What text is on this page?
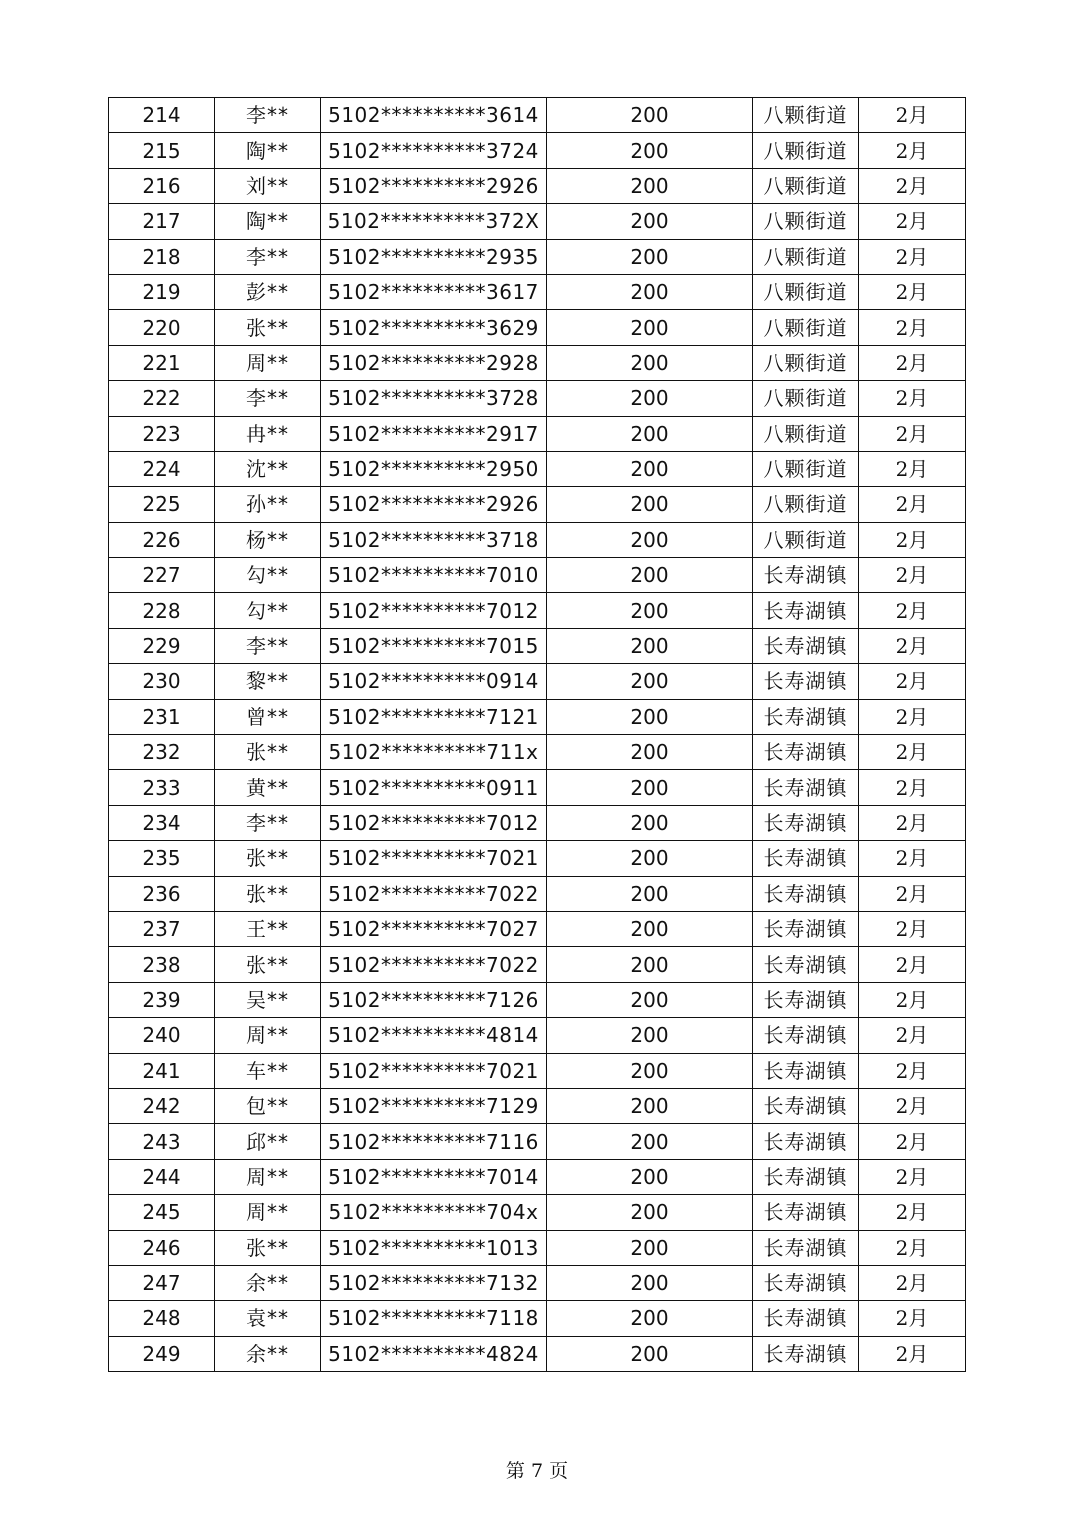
214	李**	5102**********3614	200	八颗街道	2月
215	陶**	5102**********3724	200	八颗街道	2月
216	刘**	5102**********2926	200	八颗街道	2月
217	陶**	5102**********372X	200	八颗街道	2月
218	李**	5102**********2935	200	八颗街道	2月
219	彭**	5102**********3617	200	八颗街道	2月
220	张**	5102**********3629	200	八颗街道	2月
221	周**	5102**********2928	200	八颗街道	2月
222	李**	5102**********3728	200	八颗街道	2月
223	冉**	5102**********2917	200	八颗街道	2月
224	沈**	5102**********2950	200	八颗街道	2月
225	孙**	5102**********2926	200	八颗街道	2月
226	杨**	5102**********3718	200	八颗街道	2月
227	勾**	5102**********7010	200	长寿湖镇	2月
228	勾**	5102**********7012	200	长寿湖镇	2月
229	李**	5102**********7015	200	长寿湖镇	2月
230	黎**	5102**********0914	200	长寿湖镇	2月
231	曾**	5102**********7121	200	长寿湖镇	2月
232	张**	5102**********711x	200	长寿湖镇	2月
233	黄**	5102**********0911	200	长寿湖镇	2月
234	李**	5102**********7012	200	长寿湖镇	2月
235	张**	5102**********7021	200	长寿湖镇	2月
236	张**	5102**********7022	200	长寿湖镇	2月
237	王**	5102**********7027	200	长寿湖镇	2月
238	张**	5102**********7022	200	长寿湖镇	2月
239	吴**	5102**********7126	200	长寿湖镇	2月
240	周**	5102**********4814	200	长寿湖镇	2月
241	车**	5102**********7021	200	长寿湖镇	2月
242	包**	5102**********7129	200	长寿湖镇	2月
243	邱**	5102**********7116	200	长寿湖镇	2月
244	周**	5102**********7014	200	长寿湖镇	2月
245	周**	5102**********704x	200	长寿湖镇	2月
246	张**	5102**********1013	200	长寿湖镇	2月
247	余**	5102**********7132	200	长寿湖镇	2月
248	袁**	5102**********7118	200	长寿湖镇	2月
249	余**	5102**********4824	200	长寿湖镇	2月
第 7 页
